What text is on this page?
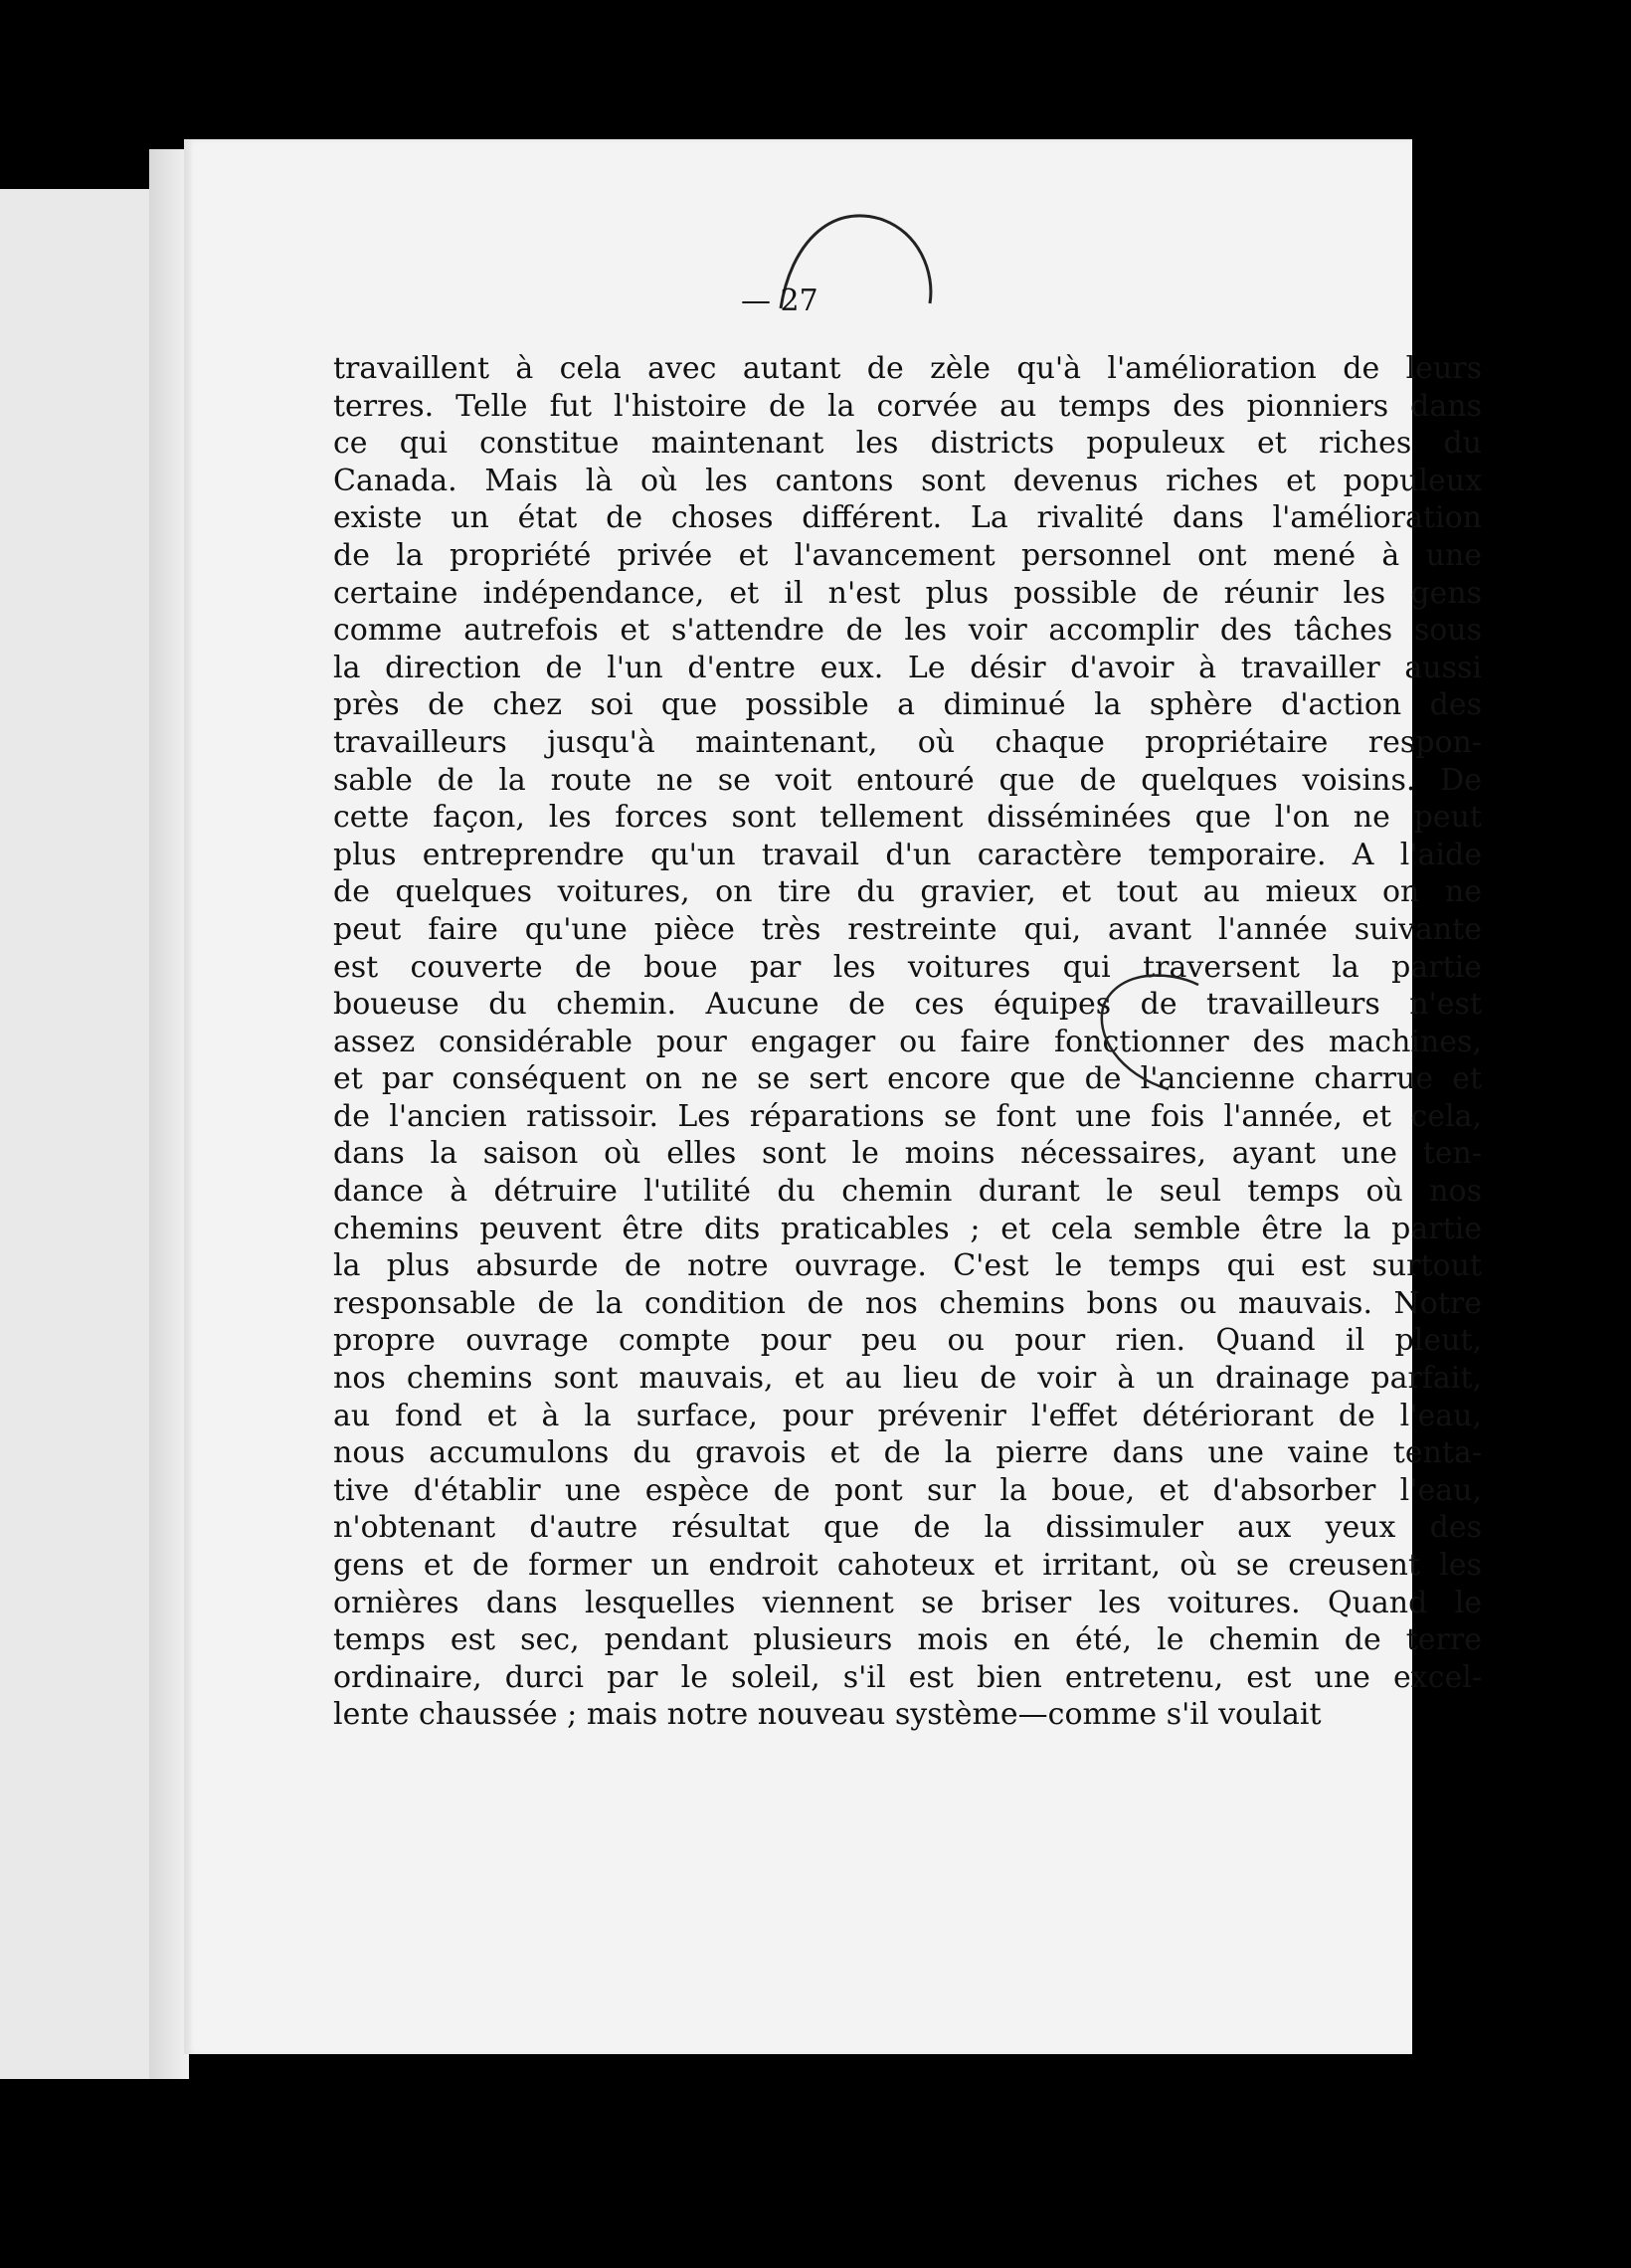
— 27
travaillent à cela avec autant de zèle qu'à l'amélioration de leurs
terres. Telle fut l'histoire de la corvée au temps des pionniers dans
ce qui constitue maintenant les districts populeux et riches du
Canada. Mais là où les cantons sont devenus riches et populeux
existe un état de choses différent. La rivalité dans l'amélioration
de la propriété privée et l'avancement personnel ont mené à une
certaine indépendance, et il n'est plus possible de réunir les gens
comme autrefois et s'attendre de les voir accomplir des tâches sous
la direction de l'un d'entre eux. Le désir d'avoir à travailler aussi
près de chez soi que possible a diminué la sphère d'action des
travailleurs jusqu'à maintenant, où chaque propriétaire respon-
sable de la route ne se voit entouré que de quelques voisins. De
cette façon, les forces sont tellement disséminées que l'on ne peut
plus entreprendre qu'un travail d'un caractère temporaire. A l'aide
de quelques voitures, on tire du gravier, et tout au mieux on ne
peut faire qu'une pièce très restreinte qui, avant l'année suivante
est couverte de boue par les voitures qui traversent la partie
boueuse du chemin. Aucune de ces équipes de travailleurs n'est
assez considérable pour engager ou faire fonctionner des machines,
et par conséquent on ne se sert encore que de l'ancienne charrue et
de l'ancien ratissoir. Les réparations se font une fois l'année, et cela,
dans la saison où elles sont le moins nécessaires, ayant une ten-
dance à détruire l'utilité du chemin durant le seul temps où nos
chemins peuvent être dits praticables ; et cela semble être la partie
la plus absurde de notre ouvrage. C'est le temps qui est surtout
responsable de la condition de nos chemins bons ou mauvais. Notre
propre ouvrage compte pour peu ou pour rien. Quand il pleut,
nos chemins sont mauvais, et au lieu de voir à un drainage parfait,
au fond et à la surface, pour prévenir l'effet détériorant de l'eau,
nous accumulons du gravois et de la pierre dans une vaine tenta-
tive d'établir une espèce de pont sur la boue, et d'absorber l'eau,
n'obtenant d'autre résultat que de la dissimuler aux yeux des
gens et de former un endroit cahoteux et irritant, où se creusent les
ornières dans lesquelles viennent se briser les voitures. Quand le
temps est sec, pendant plusieurs mois en été, le chemin de terre
ordinaire, durci par le soleil, s'il est bien entretenu, est une excel-
lente chaussée ; mais notre nouveau système—comme s'il voulait
